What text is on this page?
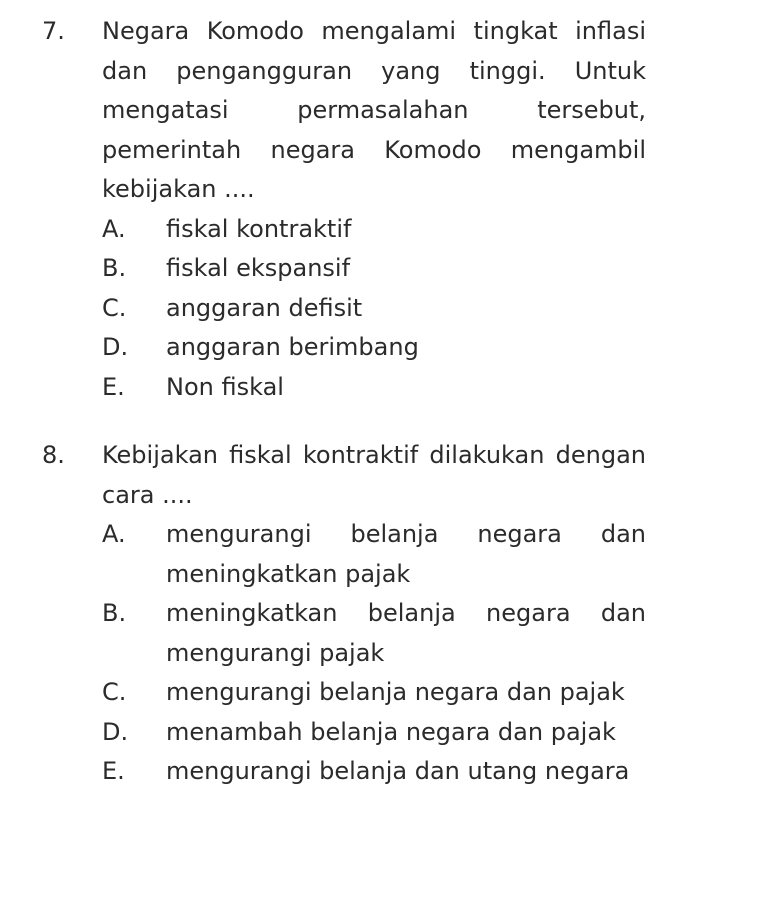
7.	Negara Komodo mengalami tingkat inflasi dan pengangguran yang tinggi. Untuk mengatasi permasalahan tersebut, pemerintah negara Komodo mengambil kebijakan ....
A.	fiskal kontraktif
B.	fiskal ekspansif
C.	anggaran defisit
D.	anggaran berimbang
E.	Non fiskal
8.	Kebijakan fiskal kontraktif dilakukan dengan cara ....
A.	mengurangi belanja negara dan meningkatkan pajak
B.	meningkatkan belanja negara dan mengurangi pajak
C.	mengurangi belanja negara dan pajak
D.	menambah belanja negara dan pajak
E.	mengurangi belanja dan utang negara
